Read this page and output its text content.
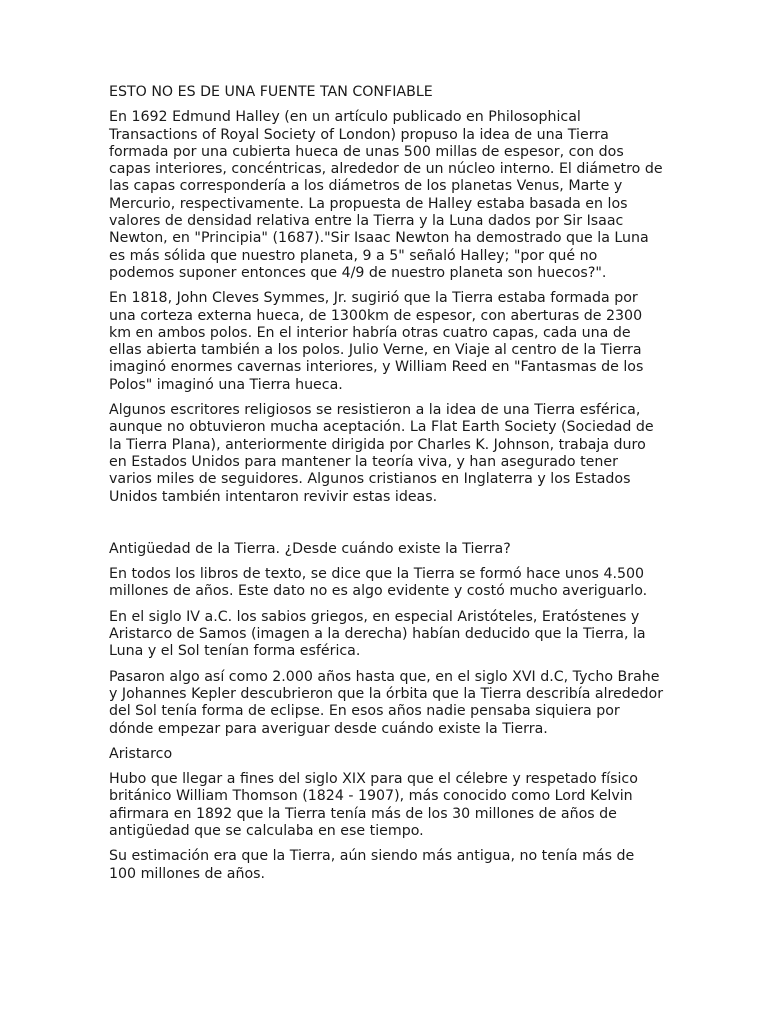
ESTO NO ES DE UNA FUENTE TAN CONFIABLE

En 1692 Edmund Halley (en un artículo publicado en Philosophical Transactions of Royal Society of London) propuso la idea de una Tierra formada por una cubierta hueca de unas 500 millas de espesor, con dos capas interiores, concéntricas, alrededor de un núcleo interno. El diámetro de las capas correspondería a los diámetros de los planetas Venus, Marte y Mercurio, respectivamente. La propuesta de Halley estaba basada en los valores de densidad relativa entre la Tierra y la Luna dados por Sir Isaac Newton, en "Principia" (1687)."Sir Isaac Newton ha demostrado que la Luna es más sólida que nuestro planeta, 9 a 5" señaló Halley; "por qué no podemos suponer entonces que 4/9 de nuestro planeta son huecos?".

En 1818, John Cleves Symmes, Jr. sugirió que la Tierra estaba formada por una corteza externa hueca, de 1300km de espesor, con aberturas de 2300 km en ambos polos. En el interior habría otras cuatro capas, cada una de ellas abierta también a los polos. Julio Verne, en Viaje al centro de la Tierra imaginó enormes cavernas interiores, y William Reed en "Fantasmas de los Polos" imaginó una Tierra hueca.

Algunos escritores religiosos se resistieron a la idea de una Tierra esférica, aunque no obtuvieron mucha aceptación. La Flat Earth Society (Sociedad de la Tierra Plana), anteriormente dirigida por Charles K. Johnson, trabaja duro en Estados Unidos para mantener la teoría viva, y han asegurado tener varios miles de seguidores. Algunos cristianos en Inglaterra y los Estados Unidos también intentaron revivir estas ideas.

Antigüedad de la Tierra. ¿Desde cuándo existe la Tierra?

En todos los libros de texto, se dice que la Tierra se formó hace unos 4.500 millones de años. Este dato no es algo evidente y costó mucho averiguarlo.

En el siglo IV a.C. los sabios griegos, en especial Aristóteles, Eratóstenes y Aristarco de Samos (imagen a la derecha) habían deducido que la Tierra, la Luna y el Sol tenían forma esférica.

Pasaron algo así como 2.000 años hasta que, en el siglo XVI d.C, Tycho Brahe y Johannes Kepler descubrieron que la órbita que la Tierra describía alrededor del Sol tenía forma de eclipse. En esos años nadie pensaba siquiera por dónde empezar para averiguar desde cuándo existe la Tierra.

Aristarco

Hubo que llegar a fines del siglo XIX para que el célebre y respetado físico británico William Thomson (1824 - 1907), más conocido como Lord Kelvin afirmara en 1892 que la Tierra tenía más de los 30 millones de años de antigüedad que se calculaba en ese tiempo.

Su estimación era que la Tierra, aún siendo más antigua, no tenía más de 100 millones de años.
